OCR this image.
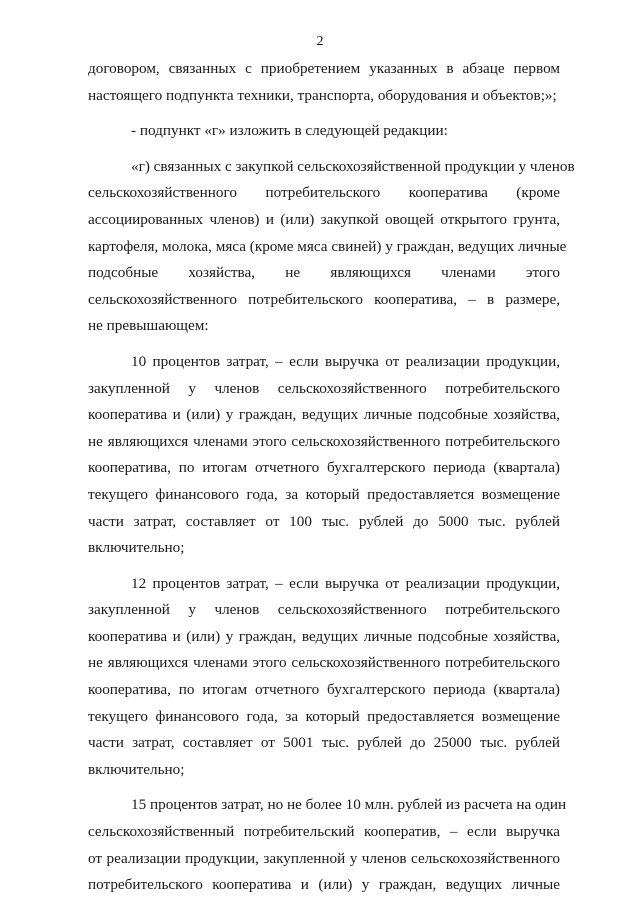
2
договором, связанных с приобретением указанных в абзаце первом
настоящего подпункта техники, транспорта, оборудования и объектов;»;
- подпункт «г» изложить в следующей редакции:
«г) связанных с закупкой сельскохозяйственной продукции у членов
сельскохозяйственного потребительского кооператива (кроме
ассоциированных членов) и (или) закупкой овощей открытого грунта,
картофеля, молока, мяса (кроме мяса свиней) у граждан, ведущих личные
подсобные хозяйства, не являющихся членами этого
сельскохозяйственного потребительского кооператива, – в размере,
не превышающем:
10 процентов затрат, – если выручка от реализации продукции,
закупленной у членов сельскохозяйственного потребительского
кооператива и (или) у граждан, ведущих личные подсобные хозяйства,
не являющихся членами этого сельскохозяйственного потребительского
кооператива, по итогам отчетного бухгалтерского периода (квартала)
текущего финансового года, за который предоставляется возмещение
части затрат, составляет от 100 тыс. рублей до 5000 тыс. рублей
включительно;
12 процентов затрат, – если выручка от реализации продукции,
закупленной у членов сельскохозяйственного потребительского
кооператива и (или) у граждан, ведущих личные подсобные хозяйства,
не являющихся членами этого сельскохозяйственного потребительского
кооператива, по итогам отчетного бухгалтерского периода (квартала)
текущего финансового года, за который предоставляется возмещение
части затрат, составляет от 5001 тыс. рублей до 25000 тыс. рублей
включительно;
15 процентов затрат, но не более 10 млн. рублей из расчета на один
сельскохозяйственный потребительский кооператив, – если выручка
от реализации продукции, закупленной у членов сельскохозяйственного
потребительского кооператива и (или) у граждан, ведущих личные
